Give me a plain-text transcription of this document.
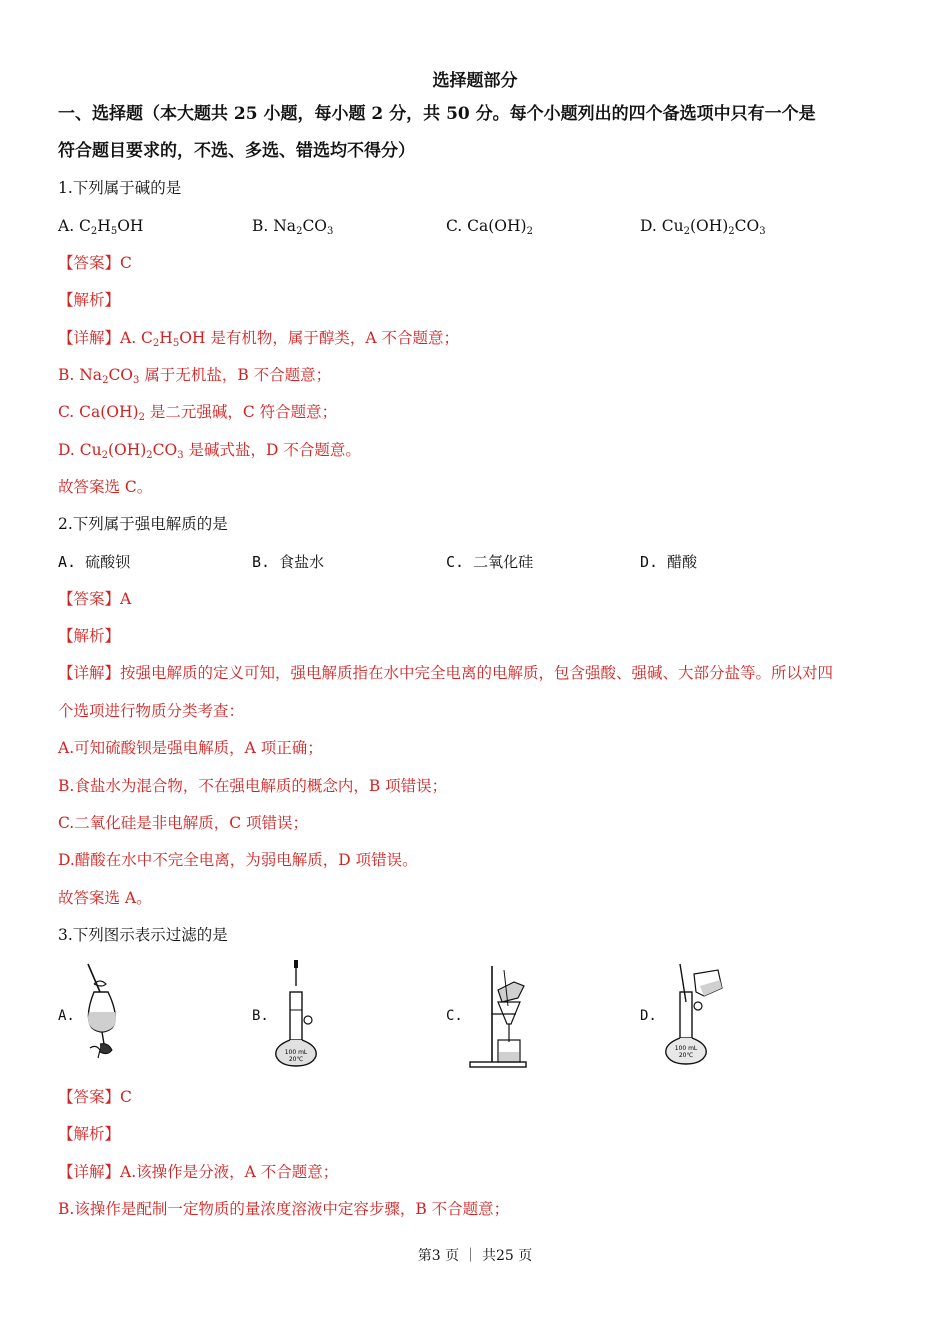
选择题部分
一、选择题（本大题共 25 小题，每小题 2 分，共 50 分。每个小题列出的四个备选项中只有一个是
符合题目要求的，不选、多选、错选均不得分）
1.下列属于碱的是
A. $C_2H_5OH$	B. $Na_2CO_3$	C. $Ca(OH)_2$	D. $Cu_2(OH)_2CO_3$
【答案】C
【解析】
【详解】A. $C_2H_5OH$ 是有机物，属于醇类，A 不合题意；
B. $Na_2CO_3$ 属于无机盐，B 不合题意；
C. $Ca(OH)_2$ 是二元强碱，C 符合题意；
D. $Cu_2(OH)_2CO_3$ 是碱式盐，D 不合题意。
故答案选 C。
2.下列属于强电解质的是
A. 硫酸钡	B. 食盐水	C. 二氧化硅	D. 醋酸
【答案】A
【解析】
【详解】按强电解质的定义可知，强电解质指在水中完全电离的电解质，包含强酸、强碱、大部分盐等。所以对四
个选项进行物质分类考查：
A.可知硫酸钡是强电解质，A 项正确；
B.食盐水为混合物，不在强电解质的概念内，B 项错误；
C.二氧化硅是非电解质，C 项错误；
D.醋酸在水中不完全电离，为弱电解质，D 项错误。
故答案选 A。
3.下列图示表示过滤的是
A.	B.	C.	D.
100 mL
20℃
100 mL
20℃
【答案】C
【解析】
【详解】A.该操作是分液，A 不合题意；
B.该操作是配制一定物质的量浓度溶液中定容步骤，B 不合题意；
第3 页 ｜ 共25 页
